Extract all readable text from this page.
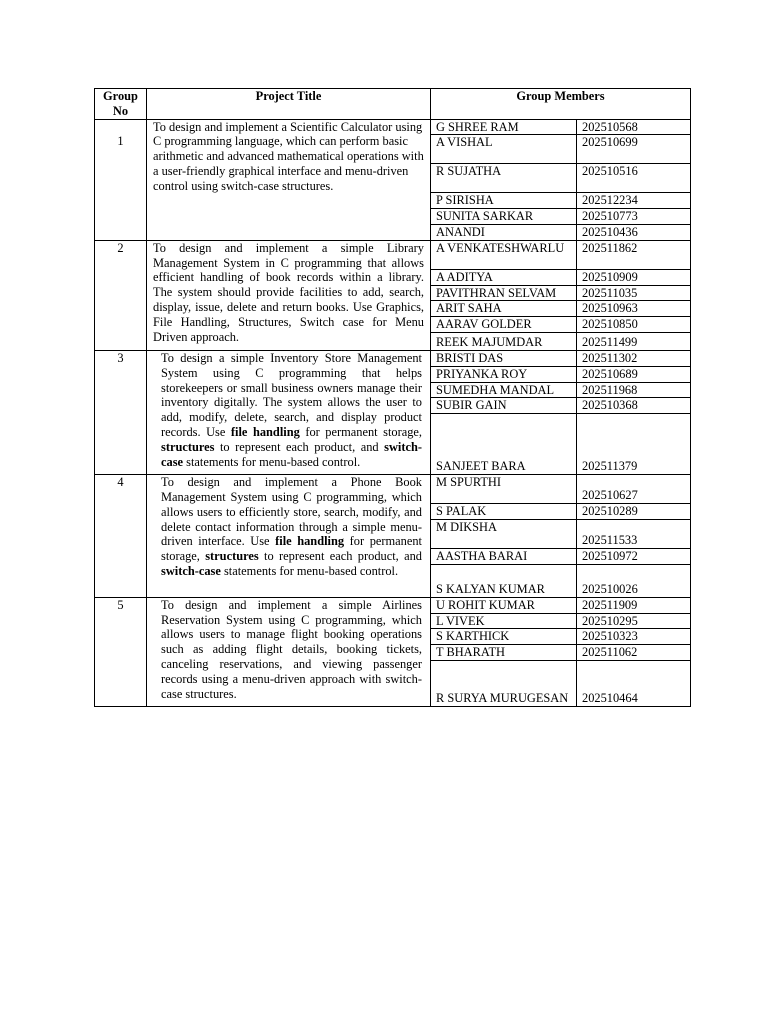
Group No	Project Title	Group Members	

1	To design and implement a Scientific Calculator using C programming language, which can perform basic arithmetic and advanced mathematical operations with a user-friendly graphical interface and menu-driven control using switch-case structures.	G SHREE RAM	202510568
		A VISHAL	202510699
		R SUJATHA	202510516
		P SIRISHA	202512234
		SUNITA SARKAR	202510773
		ANANDI	202510436
2	To design and implement a simple Library Management System in C programming that allows efficient handling of book records within a library. The system should provide facilities to add, search, display, issue, delete and return books. Use Graphics, File Handling, Structures, Switch case for Menu Driven approach.	A VENKATESHWARLU	202511862
		A ADITYA	202510909
		PAVITHRAN SELVAM	202511035
		ARIT SAHA	202510963
		AARAV GOLDER	202510850
		REEK MAJUMDAR	202511499
3	To design a simple Inventory Store Management System using C programming that helps storekeepers or small business owners manage their inventory digitally. The system allows the user to add, modify, delete, search, and display product records. Use file handling for permanent storage, structures to represent each product, and switch-case statements for menu-based control.	BRISTI DAS	202511302
		PRIYANKA ROY	202510689
		SUMEDHA MANDAL	202511968
		SUBIR GAIN	202510368
		SANJEET BARA	202511379
4	To design and implement a Phone Book Management System using C programming, which allows users to efficiently store, search, modify, and delete contact information through a simple menu-driven interface. Use file handling for permanent storage, structures to represent each product, and switch-case statements for menu-based control.	M SPURTHI	202510627
		S PALAK	202510289
		M DIKSHA	202511533
		AASTHA BARAI	202510972
		S KALYAN KUMAR	202510026
5	To design and implement a simple Airlines Reservation System using C programming, which allows users to manage flight booking operations such as adding flight details, booking tickets, canceling reservations, and viewing passenger records using a menu-driven approach with switch-case structures.	U ROHIT KUMAR	202511909
		L VIVEK	202510295
		S KARTHICK	202510323
		T BHARATH	202511062
		R SURYA MURUGESAN	202510464
